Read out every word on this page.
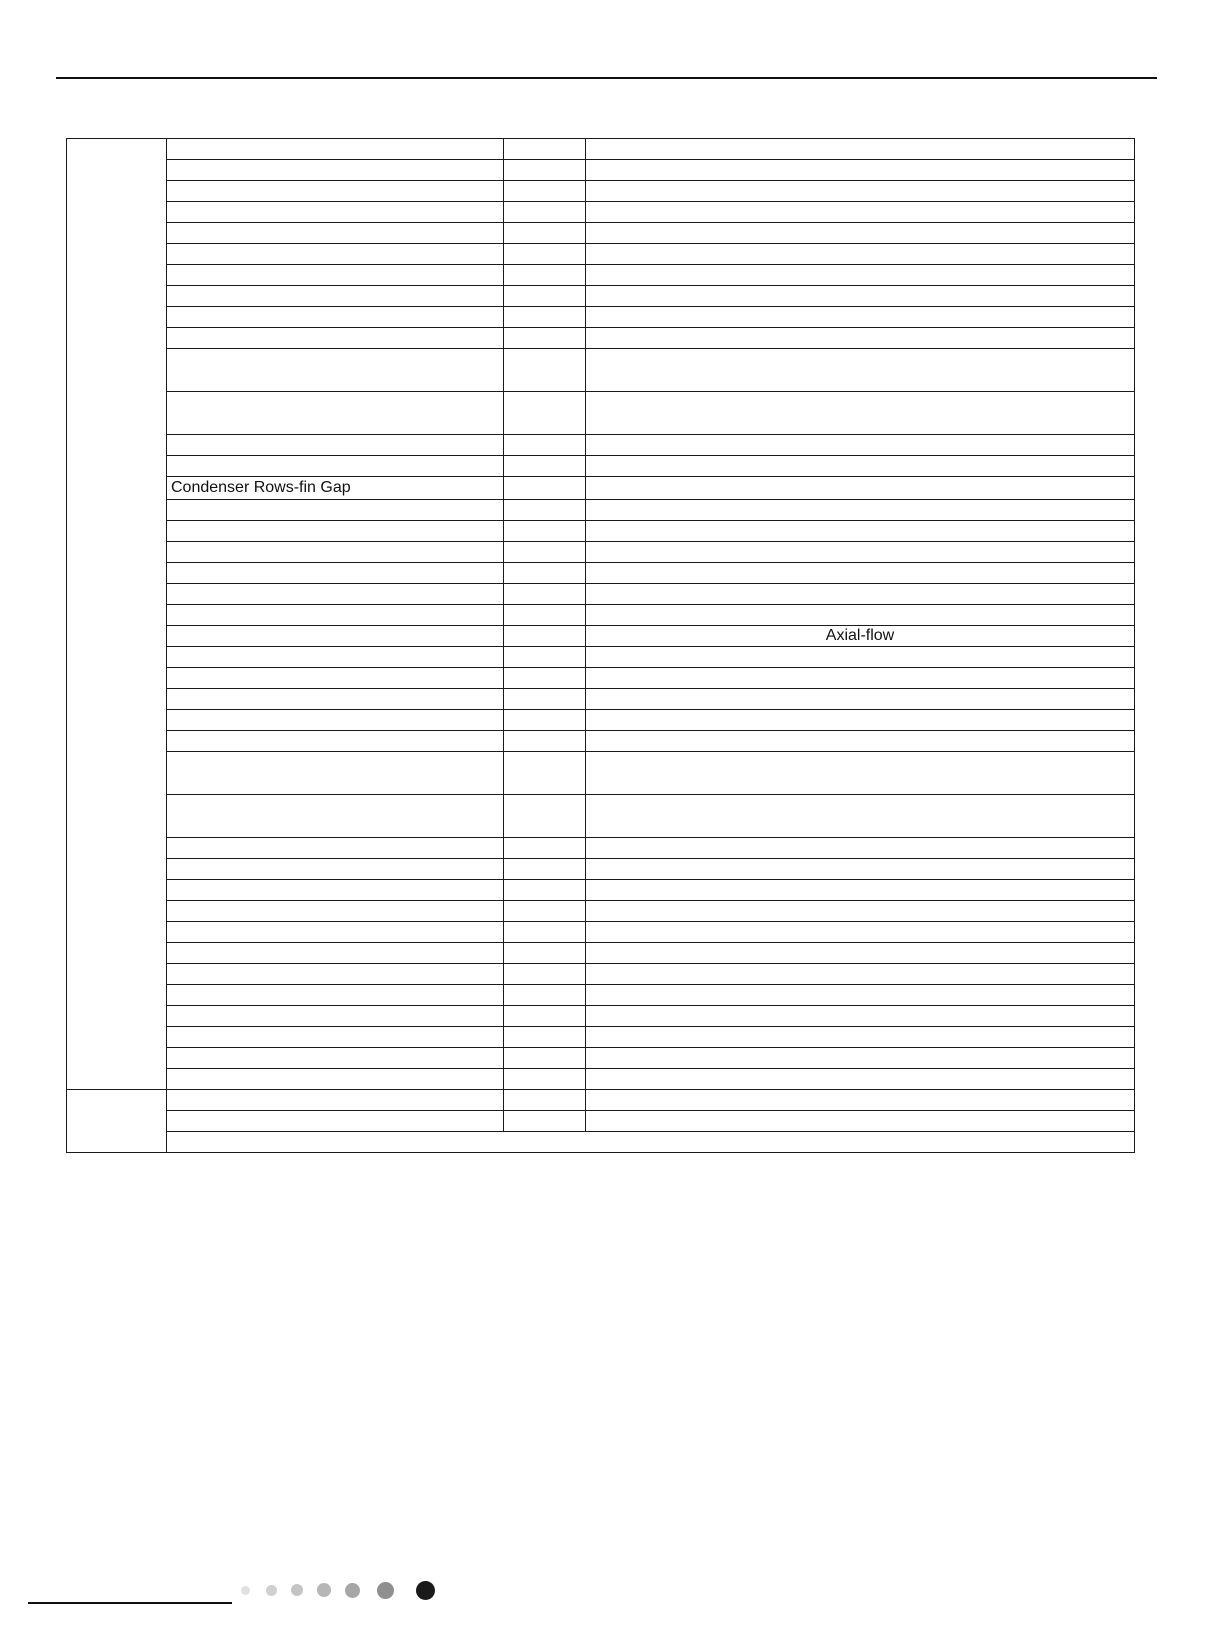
	Condenser Rows-fin Gap		

			Axial-flow
